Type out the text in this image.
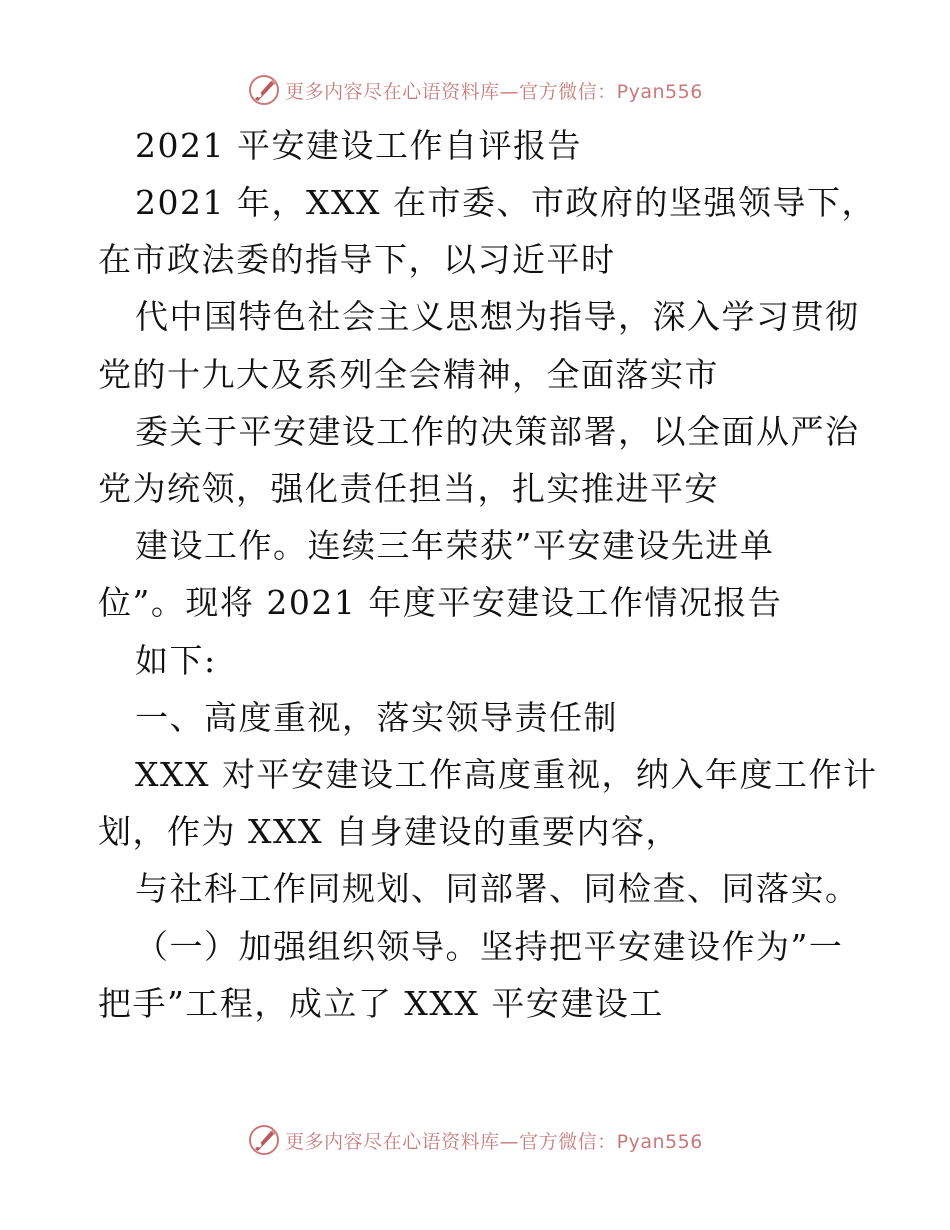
更多内容尽在心语资料库—官方微信：Pyan556
2021 平安建设工作自评报告
2021 年，XXX 在市委、市政府的坚强领导下，
在市政法委的指导下，以习近平时
代中国特色社会主义思想为指导，深入学习贯彻
党的十九大及系列全会精神，全面落实市
委关于平安建设工作的决策部署，以全面从严治
党为统领，强化责任担当，扎实推进平安
建设工作。连续三年荣获”平安建设先进单
位”。现将 2021 年度平安建设工作情况报告
如下:
一、高度重视，落实领导责任制
XXX 对平安建设工作高度重视，纳入年度工作计
划，作为 XXX 自身建设的重要内容，
与社科工作同规划、同部署、同检查、同落实。
（一）加强组织领导。坚持把平安建设作为”一
把手”工程，成立了 XXX 平安建设工
更多内容尽在心语资料库—官方微信：Pyan556
